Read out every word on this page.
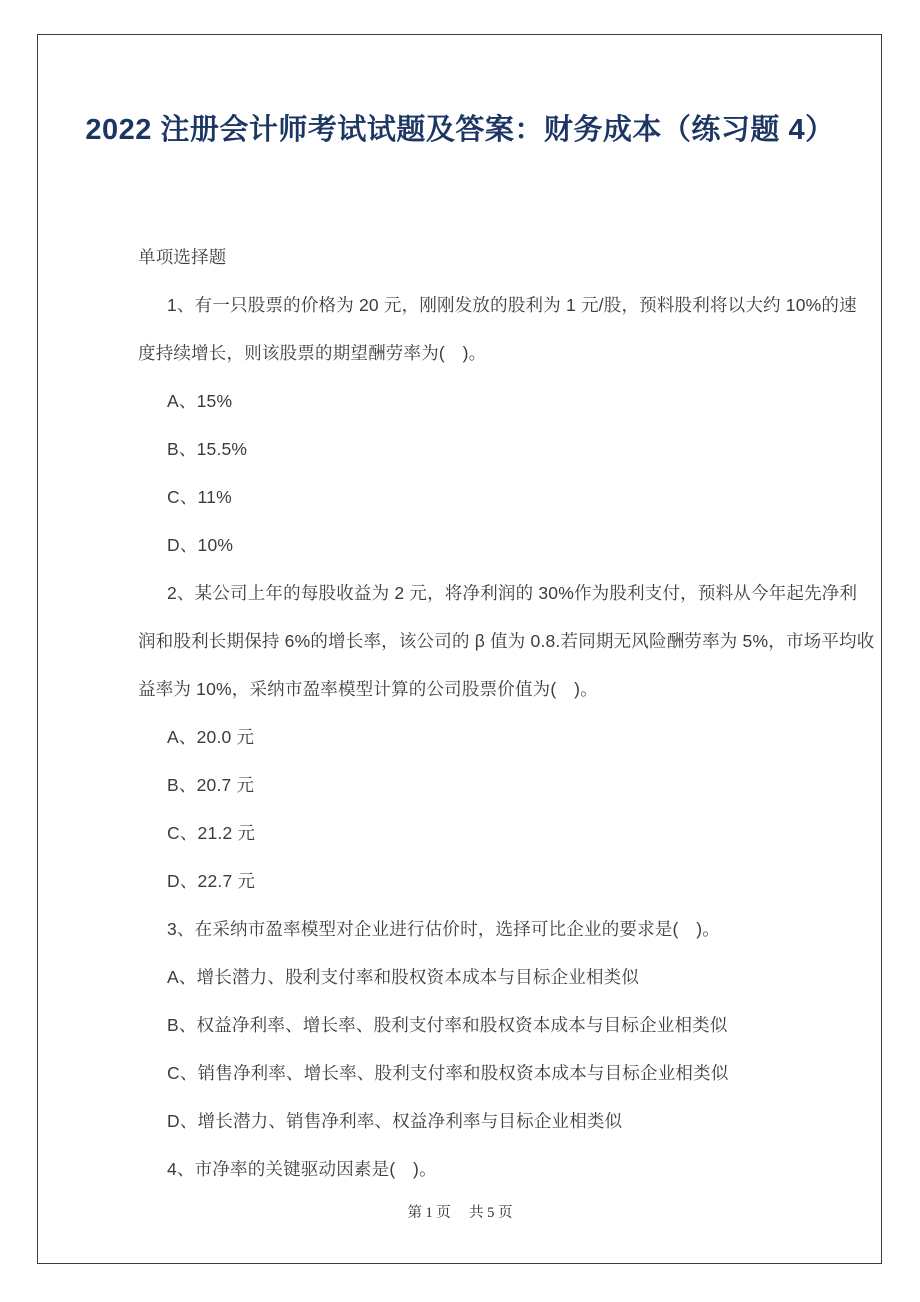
2022 注册会计师考试试题及答案：财务成本（练习题 4）

单项选择题

1、有一只股票的价格为 20 元，刚刚发放的股利为 1 元/股，预料股利将以大约 10%的速

度持续增长，则该股票的期望酬劳率为(　)。

A、15%

B、15.5%

C、11%

D、10%

2、某公司上年的每股收益为 2 元，将净利润的 30%作为股利支付，预料从今年起先净利

润和股利长期保持 6%的增长率，该公司的 β 值为 0.8.若同期无风险酬劳率为 5%，市场平均收

益率为 10%，采纳市盈率模型计算的公司股票价值为(　)。

A、20.0 元

B、20.7 元

C、21.2 元

D、22.7 元

3、在采纳市盈率模型对企业进行估价时，选择可比企业的要求是(　)。

A、增长潜力、股利支付率和股权资本成本与目标企业相类似

B、权益净利率、增长率、股利支付率和股权资本成本与目标企业相类似

C、销售净利率、增长率、股利支付率和股权资本成本与目标企业相类似

D、增长潜力、销售净利率、权益净利率与目标企业相类似

4、市净率的关键驱动因素是(　)。

第 1 页　 共 5 页
